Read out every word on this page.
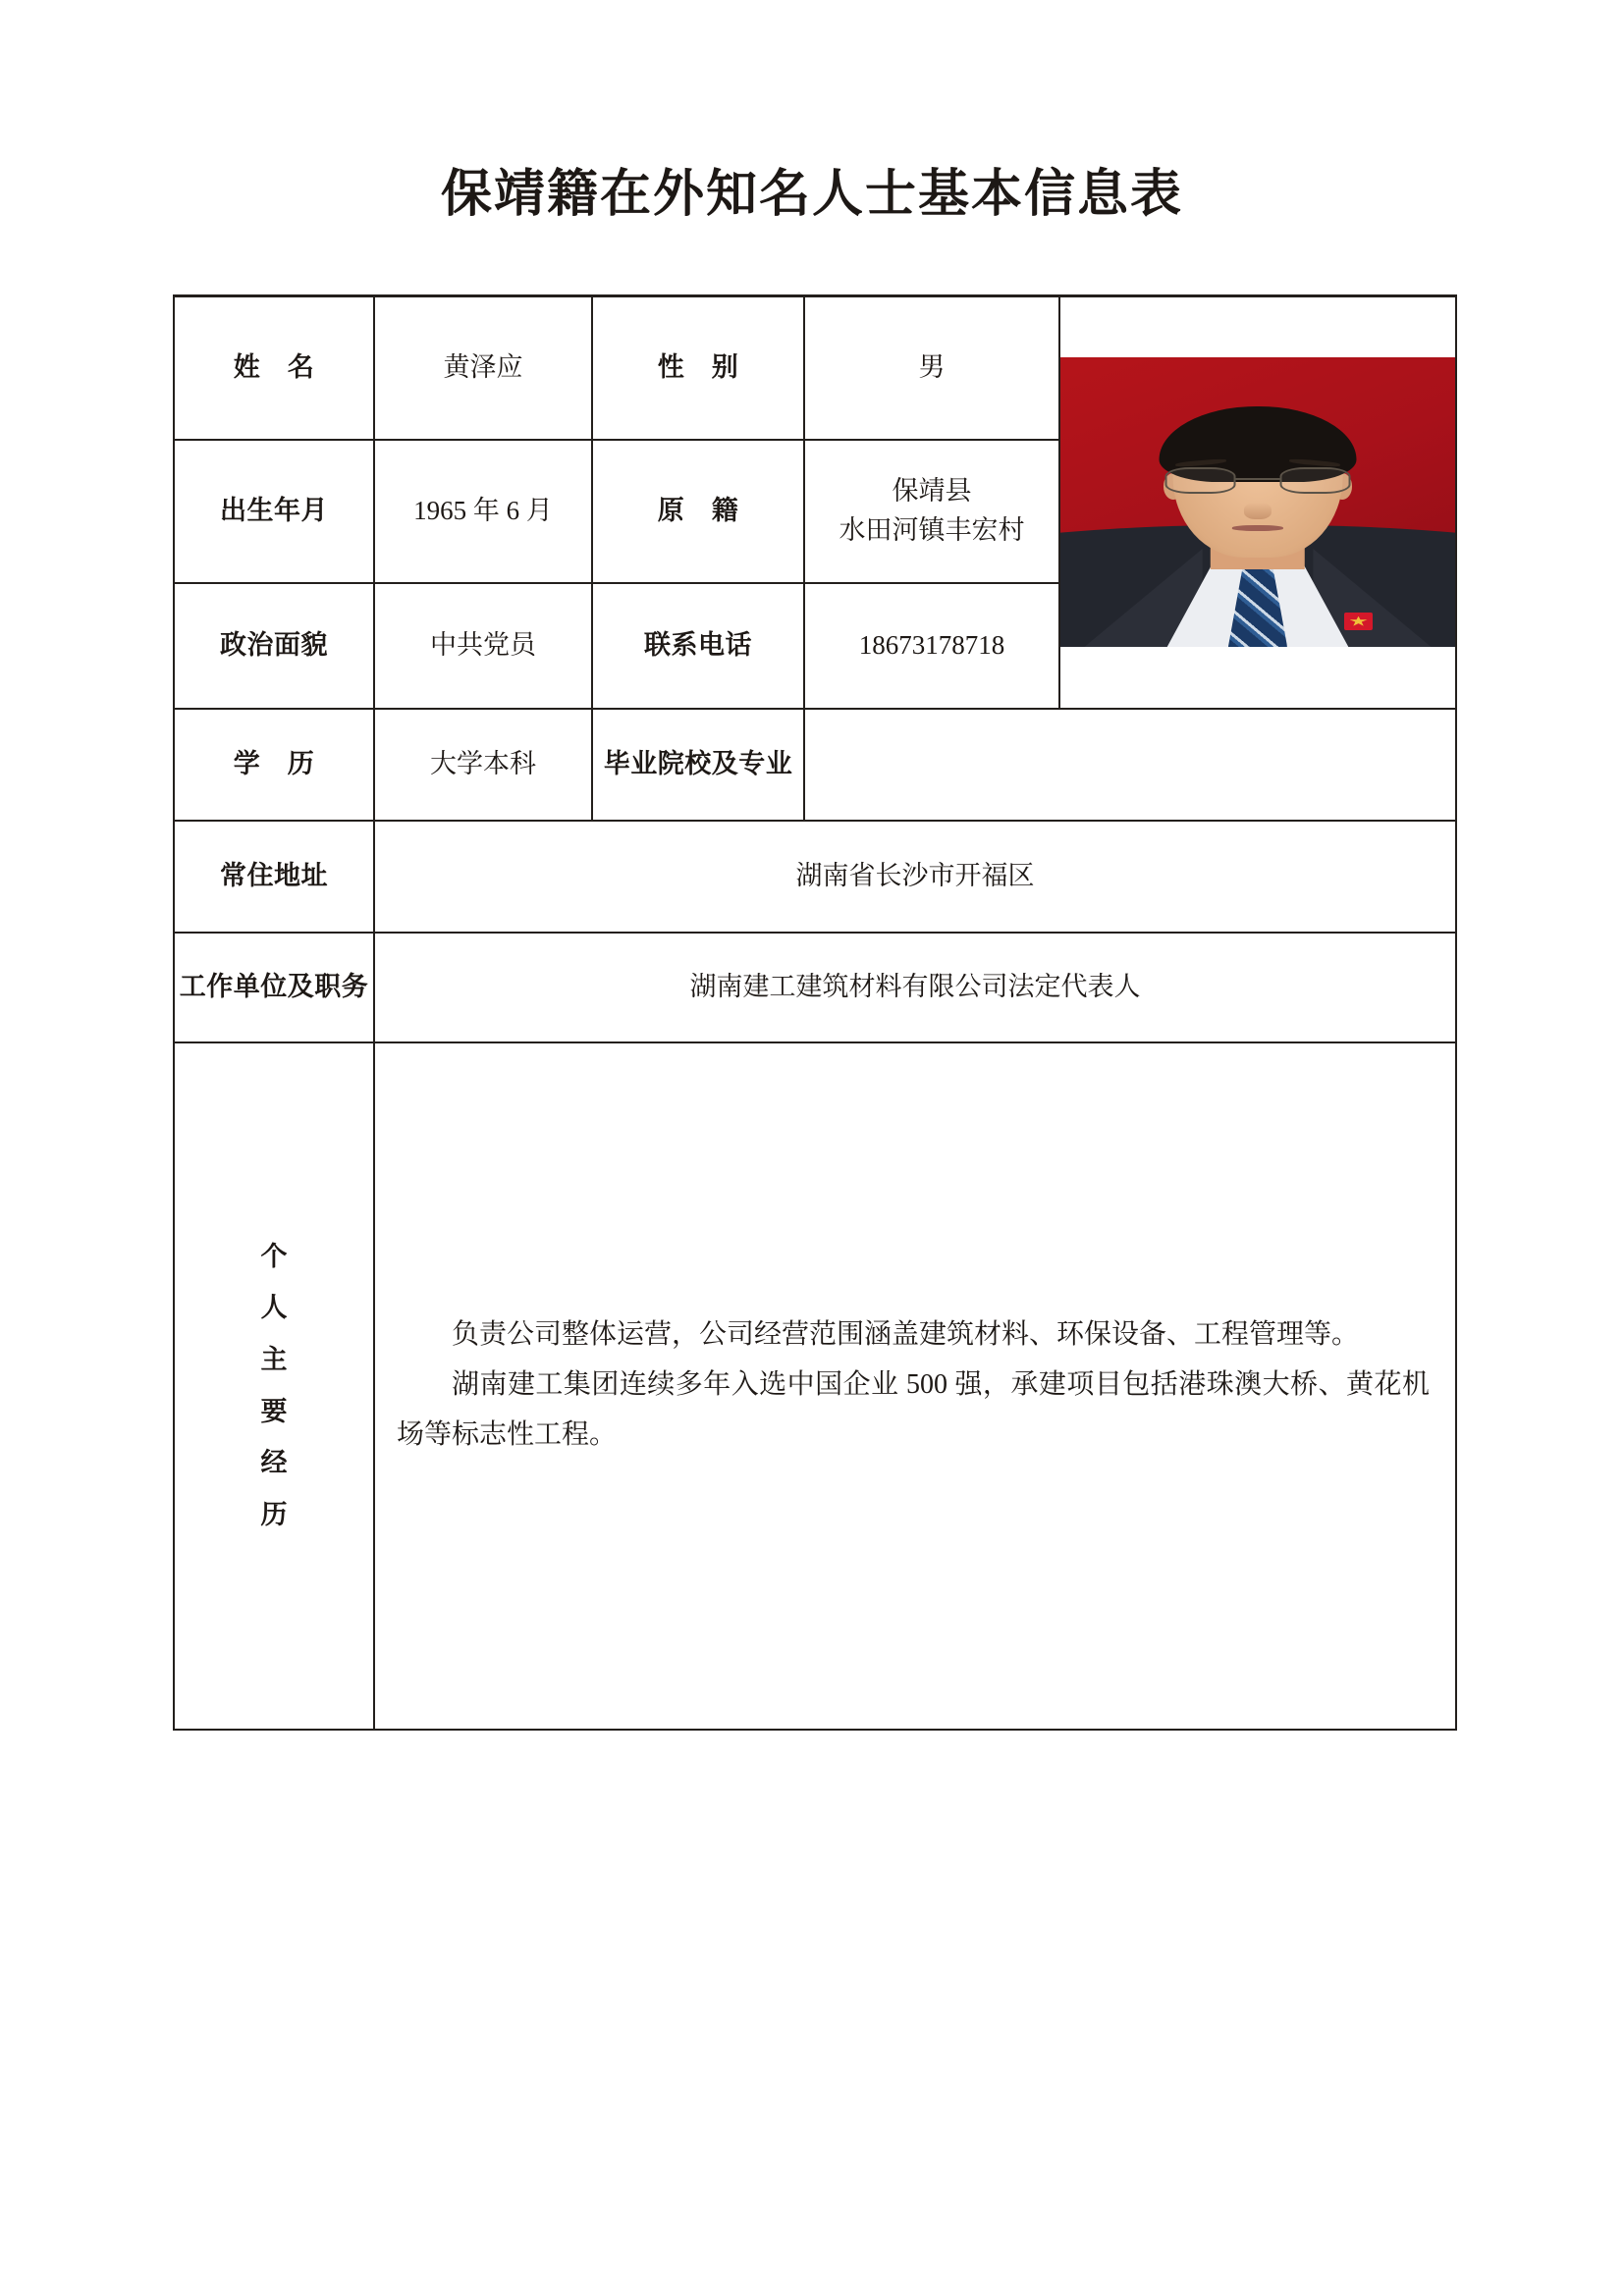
保靖籍在外知名人士基本信息表
姓　名	黄泽应	性　别	男	

出生年月	1965 年 6 月	原　籍	保靖县
水田河镇丰宏村	
政治面貌	中共党员	联系电话	18673178718	
学　历	大学本科	毕业院校及专业		
常住地址	湖南省长沙市开福区			
工作单位及职务	湖南建工建筑材料有限公司法定代表人			

个
人
主
要
经
历

负责公司整体运营，公司经营范围涵盖建筑材料、环保设备、工程管理等。

湖南建工集团连续多年入选中国企业 500 强，承建项目包括港珠澳大桥、黄花机场等标志性工程。
